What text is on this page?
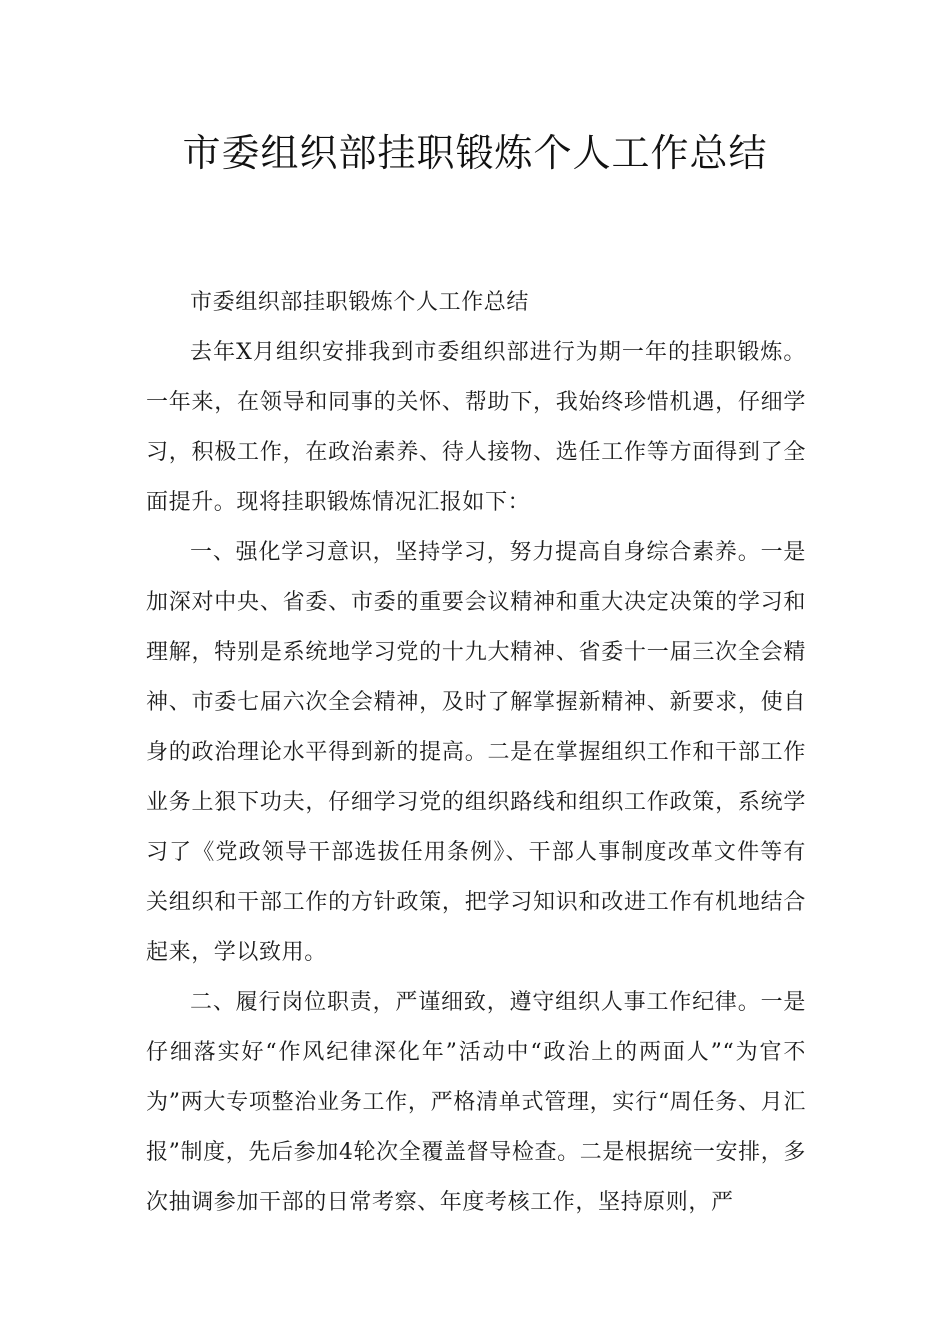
市委组织部挂职锻炼个人工作总结

市委组织部挂职锻炼个人工作总结

去年X月组织安排我到市委组织部进行为期一年的挂职锻炼。一年来，在领导和同事的关怀、帮助下，我始终珍惜机遇，仔细学习，积极工作，在政治素养、待人接物、选任工作等方面得到了全面提升。现将挂职锻炼情况汇报如下：

一、强化学习意识，坚持学习，努力提高自身综合素养。一是加深对中央、省委、市委的重要会议精神和重大决定决策的学习和理解，特别是系统地学习党的十九大精神、省委十一届三次全会精神、市委七届六次全会精神，及时了解掌握新精神、新要求，使自身的政治理论水平得到新的提高。二是在掌握组织工作和干部工作业务上狠下功夫，仔细学习党的组织路线和组织工作政策，系统学习了《党政领导干部选拔任用条例》、干部人事制度改革文件等有关组织和干部工作的方针政策，把学习知识和改进工作有机地结合起来，学以致用。

二、履行岗位职责，严谨细致，遵守组织人事工作纪律。一是仔细落实好“作风纪律深化年”活动中“政治上的两面人”“为官不为”两大专项整治业务工作，严格清单式管理，实行“周任务、月汇报”制度，先后参加4轮次全覆盖督导检查。二是根据统一安排，多次抽调参加干部的日常考察、年度考核工作，坚持原则，严
